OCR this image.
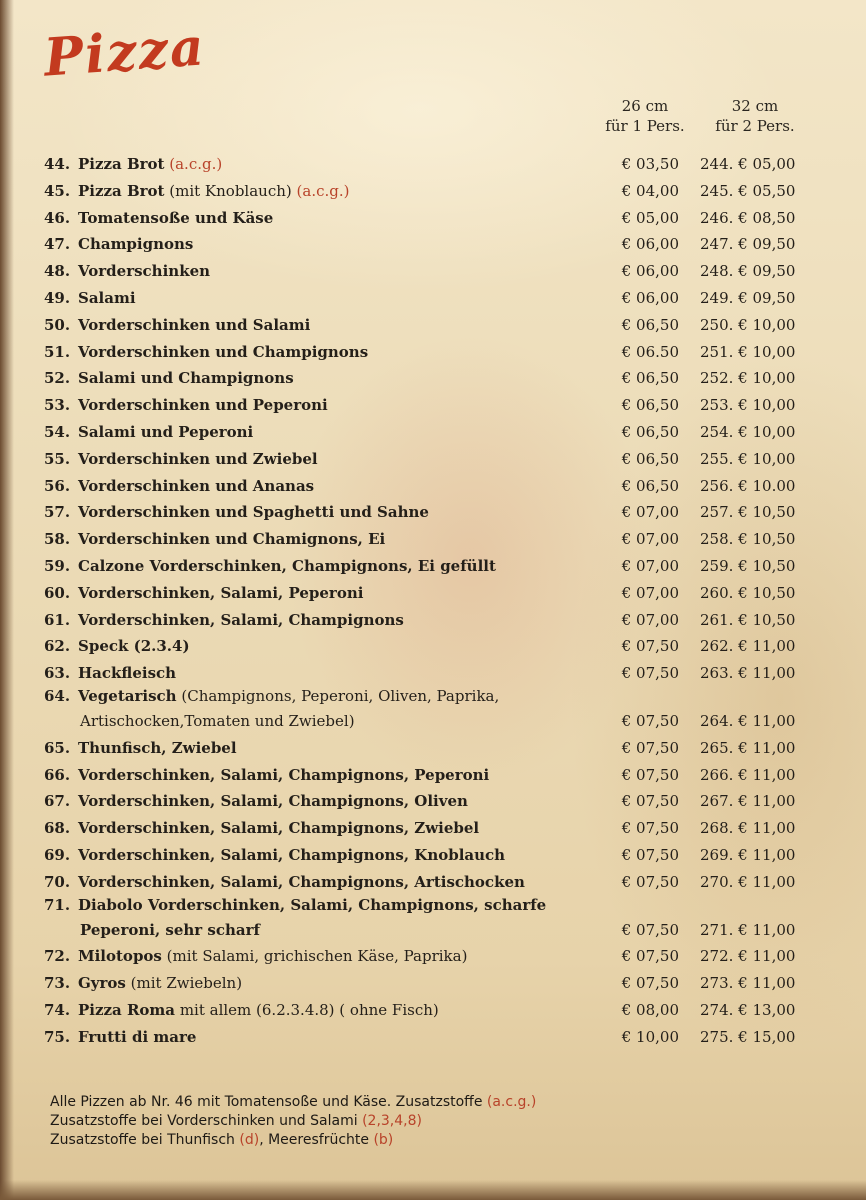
Pizza
26 cm
für 1 Pers.
32 cm
für 2 Pers.
44. Pizza Brot (a.c.g.)	€ 03,50 244. € 05,00
45. Pizza Brot (mit Knoblauch) (a.c.g.)	€ 04,00 245. € 05,50
46. Tomatensoße und Käse	€ 05,00 246. € 08,50
47. Champignons	€ 06,00 247. € 09,50
48. Vorderschinken	€ 06,00 248. € 09,50
49. Salami	€ 06,00 249. € 09,50
50. Vorderschinken und Salami	€ 06,50 250. € 10,00
51. Vorderschinken und Champignons	€ 06.50 251. € 10,00
52. Salami und Champignons	€ 06,50 252. € 10,00
53. Vorderschinken und Peperoni	€ 06,50 253. € 10,00
54. Salami und Peperoni	€ 06,50 254. € 10,00
55. Vorderschinken und Zwiebel	€ 06,50 255. € 10,00
56. Vorderschinken und Ananas	€ 06,50 256. € 10.00
57. Vorderschinken und Spaghetti und Sahne	€ 07,00 257. € 10,50
58. Vorderschinken und Chamignons, Ei	€ 07,00 258. € 10,50
59. Calzone Vorderschinken, Champignons, Ei gefüllt	€ 07,00 259. € 10,50
60. Vorderschinken, Salami, Peperoni	€ 07,00 260. € 10,50
61. Vorderschinken, Salami, Champignons	€ 07,00 261. € 10,50
62. Speck (2.3.4)	€ 07,50 262. € 11,00
63. Hackfleisch	€ 07,50 263. € 11,00
64. Vegetarisch (Champignons, Peperoni, Oliven, Paprika,
Artischocken,Tomaten und Zwiebel)	€ 07,50 264. € 11,00
65. Thunfisch, Zwiebel	€ 07,50 265. € 11,00
66. Vorderschinken, Salami, Champignons, Peperoni	€ 07,50 266. € 11,00
67. Vorderschinken, Salami, Champignons, Oliven	€ 07,50 267. € 11,00
68. Vorderschinken, Salami, Champignons, Zwiebel	€ 07,50 268. € 11,00
69. Vorderschinken, Salami, Champignons, Knoblauch	€ 07,50 269. € 11,00
70. Vorderschinken, Salami, Champignons, Artischocken	€ 07,50 270. € 11,00
71. Diabolo Vorderschinken, Salami, Champignons, scharfe
Peperoni, sehr scharf	€ 07,50 271. € 11,00
72. Milotopos (mit Salami, grichischen Käse, Paprika)	€ 07,50 272. € 11,00
73. Gyros (mit Zwiebeln)	€ 07,50 273. € 11,00
74. Pizza Roma mit allem (6.2.3.4.8) ( ohne Fisch)	€ 08,00 274. € 13,00
75. Frutti di mare	€ 10,00 275. € 15,00
Alle Pizzen ab Nr. 46 mit Tomatensoße und Käse. Zusatzstoffe (a.c.g.)
Zusatzstoffe bei Vorderschinken und Salami (2,3,4,8)
Zusatzstoffe bei Thunfisch (d), Meeresfrüchte (b)
